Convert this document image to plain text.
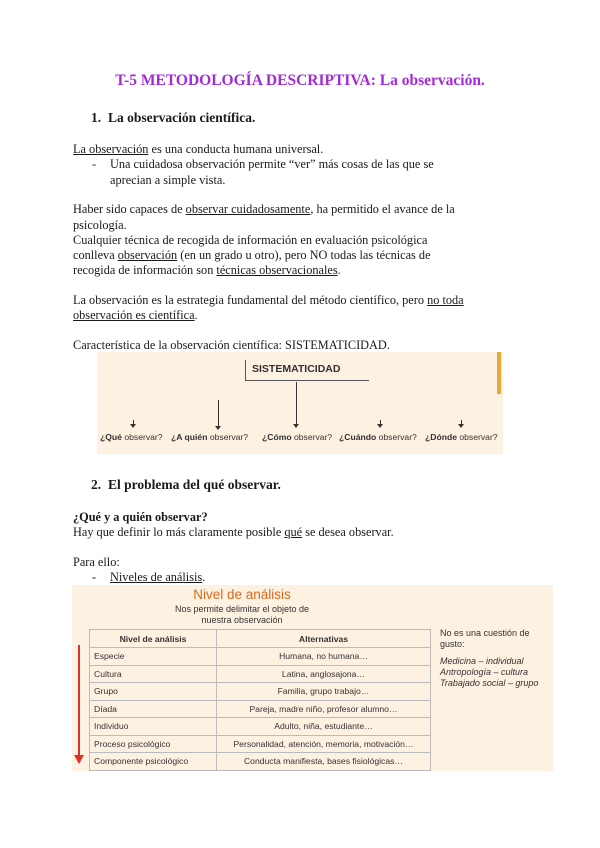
T-5 METODOLOGÍA DESCRIPTIVA: La observación.
1. La observación científica.
La observación es una conducta humana universal.
- Una cuidadosa observación permite “ver” más cosas de las que se
aprecian a simple vista.
Haber sido capaces de observar cuidadosamente, ha permitido el avance de la
psicología.
Cualquier técnica de recogida de información en evaluación psicológica
conlleva observación (en un grado u otro), pero NO todas las técnicas de
recogida de información son técnicas observacionales.
La observación es la estrategia fundamental del método científico, pero no toda
observación es científica.
Característica de la observación científica: SISTEMATICIDAD.
SISTEMATICIDAD
¿Qué observar? ¿A quién observar? ¿Cómo observar? ¿Cuándo observar? ¿Dónde observar?
2. El problema del qué observar.
¿Qué y a quién observar?
Hay que definir lo más claramente posible qué se desea observar.
Para ello:
- Niveles de análisis.
Nivel de análisis
Nos permite delimitar el objeto de
nuestra observación
Nivel de análisis	Alternativas
Especie	Humana, no humana…
Cultura	Latina, anglosajona…
Grupo	Familia, grupo trabajo…
Díada	Pareja, madre niño, profesor alumno…
Individuo	Adulto, niña, estudiante…
Proceso psicológico	Personalidad, atención, memoria, motivación…
Componente psicológico	Conducta manifiesta, bases fisiológicas…
No es una cuestión de
gusto:
Medicina – individual
Antropología – cultura
Trabajado social – grupo
